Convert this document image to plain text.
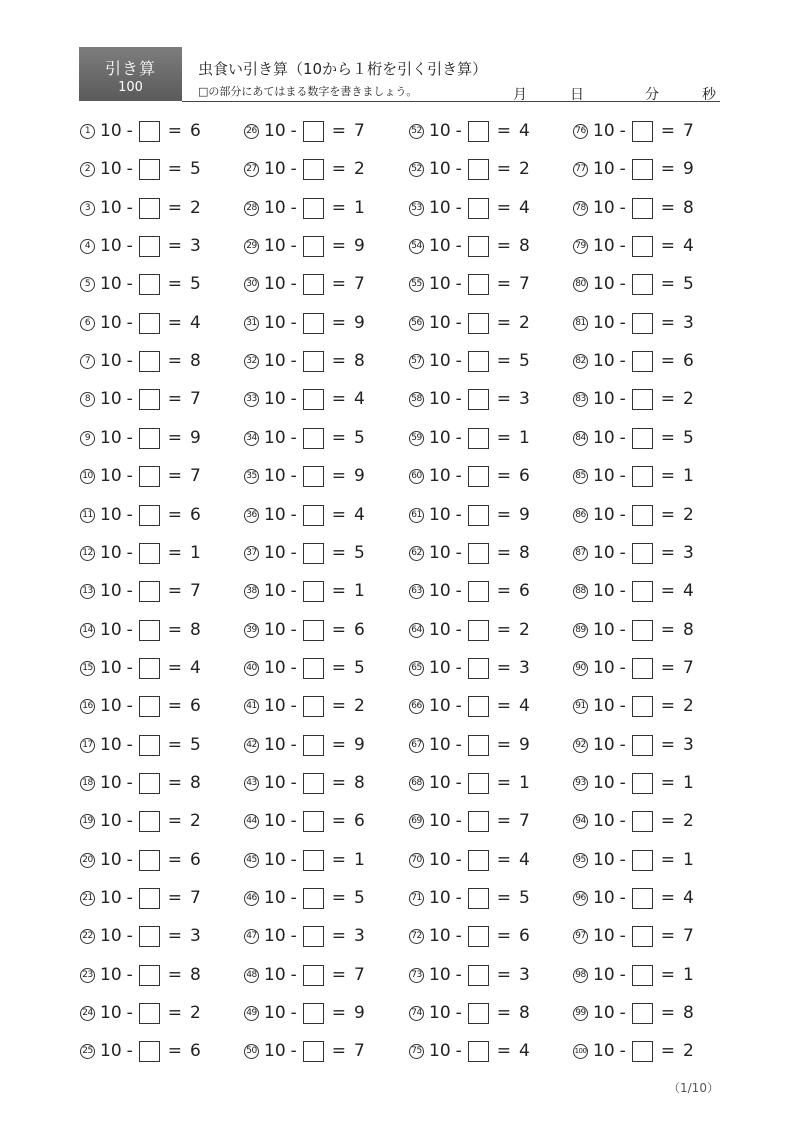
引き算
100
虫食い引き算（10から１桁を引く引き算）
□の部分にあてはまる数字を書きましょう。	月	日	分	秒
1 10 - = 6
2 10 - = 5
3 10 - = 2
4 10 - = 3
5 10 - = 5
6 10 - = 4
7 10 - = 8
8 10 - = 7
9 10 - = 9
10 10 - = 7
11 10 - = 6
12 10 - = 1
13 10 - = 7
14 10 - = 8
15 10 - = 4
16 10 - = 6
17 10 - = 5
18 10 - = 8
19 10 - = 2
20 10 - = 6
21 10 - = 7
22 10 - = 3
23 10 - = 8
24 10 - = 2
25 10 - = 6
26 10 - = 7
27 10 - = 2
28 10 - = 1
29 10 - = 9
30 10 - = 7
31 10 - = 9
32 10 - = 8
33 10 - = 4
34 10 - = 5
35 10 - = 9
36 10 - = 4
37 10 - = 5
38 10 - = 1
39 10 - = 6
40 10 - = 5
41 10 - = 2
42 10 - = 9
43 10 - = 8
44 10 - = 6
45 10 - = 1
46 10 - = 5
47 10 - = 3
48 10 - = 7
49 10 - = 9
50 10 - = 7
52 10 - = 4
52 10 - = 2
53 10 - = 4
54 10 - = 8
55 10 - = 7
56 10 - = 2
57 10 - = 5
58 10 - = 3
59 10 - = 1
60 10 - = 6
61 10 - = 9
62 10 - = 8
63 10 - = 6
64 10 - = 2
65 10 - = 3
66 10 - = 4
67 10 - = 9
68 10 - = 1
69 10 - = 7
70 10 - = 4
71 10 - = 5
72 10 - = 6
73 10 - = 3
74 10 - = 8
75 10 - = 4
76 10 - = 7
77 10 - = 9
78 10 - = 8
79 10 - = 4
80 10 - = 5
81 10 - = 3
82 10 - = 6
83 10 - = 2
84 10 - = 5
85 10 - = 1
86 10 - = 2
87 10 - = 3
88 10 - = 4
89 10 - = 8
90 10 - = 7
91 10 - = 2
92 10 - = 3
93 10 - = 1
94 10 - = 2
95 10 - = 1
96 10 - = 4
97 10 - = 7
98 10 - = 1
99 10 - = 8
100 10 - = 2
（1/10）
